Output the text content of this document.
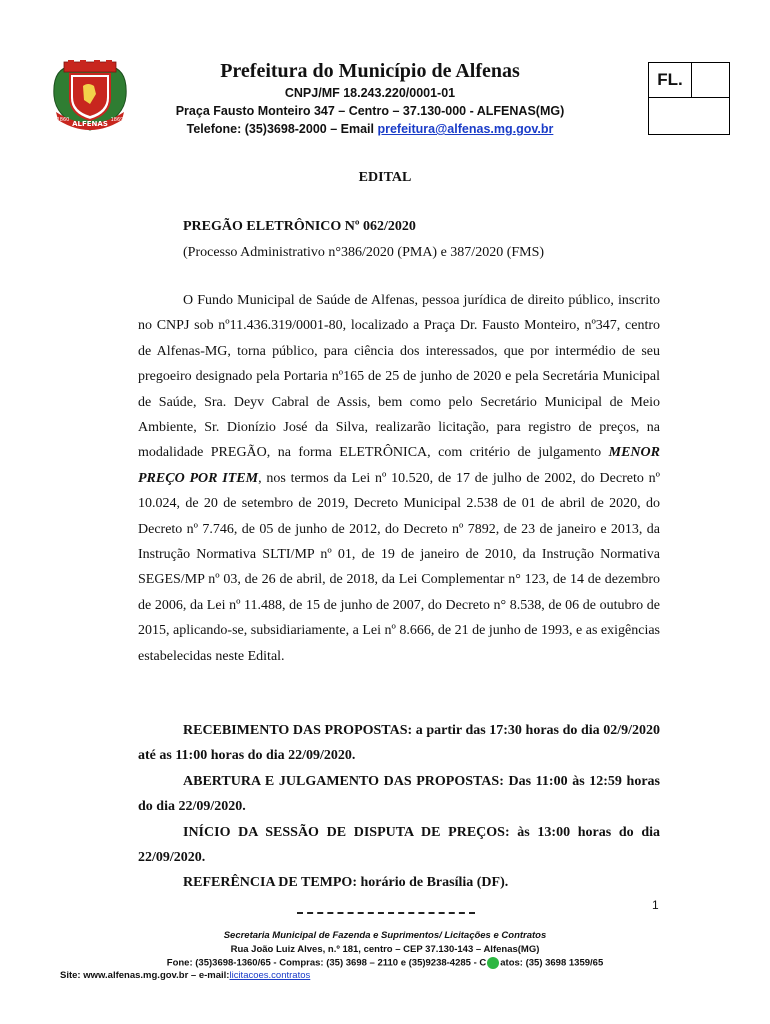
ALFENAS
1860	1869
Prefeitura do Município de Alfenas
CNPJ/MF 18.243.220/0001-01
Praça Fausto Monteiro 347 – Centro – 37.130-000 - ALFENAS(MG)
Telefone: (35)3698-2000 – Email prefeitura@alfenas.mg.gov.br
FL.
EDITAL
PREGÃO ELETRÔNICO Nº 062/2020
(Processo Administrativo n°386/2020 (PMA) e 387/2020 (FMS)

O Fundo Municipal de Saúde de Alfenas, pessoa jurídica de direito público, inscrito no CNPJ sob nº11.436.319/0001-80, localizado a Praça Dr. Fausto Monteiro, nº347, centro de Alfenas-MG, torna público, para ciência dos interessados, que por intermédio de seu pregoeiro designado pela Portaria nº165 de 25 de junho de 2020 e pela Secretária Municipal de Saúde, Sra. Deyv Cabral de Assis, bem como pelo Secretário Municipal de Meio Ambiente, Sr. Dionízio José da Silva, realizarão licitação, para registro de preços, na modalidade PREGÃO, na forma ELETRÔNICA, com critério de julgamento MENOR PREÇO POR ITEM, nos termos da Lei nº 10.520, de 17 de julho de 2002, do Decreto nº 10.024, de 20 de setembro de 2019, Decreto Municipal 2.538 de 01 de abril de 2020, do Decreto nº 7.746, de 05 de junho de 2012, do Decreto nº 7892, de 23 de janeiro e 2013, da Instrução Normativa SLTI/MP nº 01, de 19 de janeiro de 2010, da Instrução Normativa SEGES/MP nº 03, de 26 de abril, de 2018, da Lei Complementar n° 123, de 14 de dezembro de 2006, da Lei nº 11.488, de 15 de junho de 2007, do Decreto n° 8.538, de 06 de outubro de 2015, aplicando-se, subsidiariamente, a Lei nº 8.666, de 21 de junho de 1993, e as exigências estabelecidas neste Edital.

RECEBIMENTO DAS PROPOSTAS: a partir das 17:30 horas do dia 02/9/2020 até as 11:00 horas do dia 22/09/2020.

ABERTURA E JULGAMENTO DAS PROPOSTAS: Das 11:00 às 12:59 horas do dia 22/09/2020.

INÍCIO DA SESSÃO DE DISPUTA DE PREÇOS: às 13:00 horas do dia 22/09/2020.

REFERÊNCIA DE TEMPO: horário de Brasília (DF).

1
Secretaria Municipal de Fazenda e Suprimentos/ Licitações e Contratos
Rua João Luiz Alves, n.º 181, centro – CEP 37.130-143 – Alfenas(MG)
Fone: (35)3698-1360/65 - Compras: (35) 3698 – 2110 e (35)9238-4285 - C atos: (35) 3698 1359/65
Site: www.alfenas.mg.gov.br – e-mail:licitacoes.contratos
